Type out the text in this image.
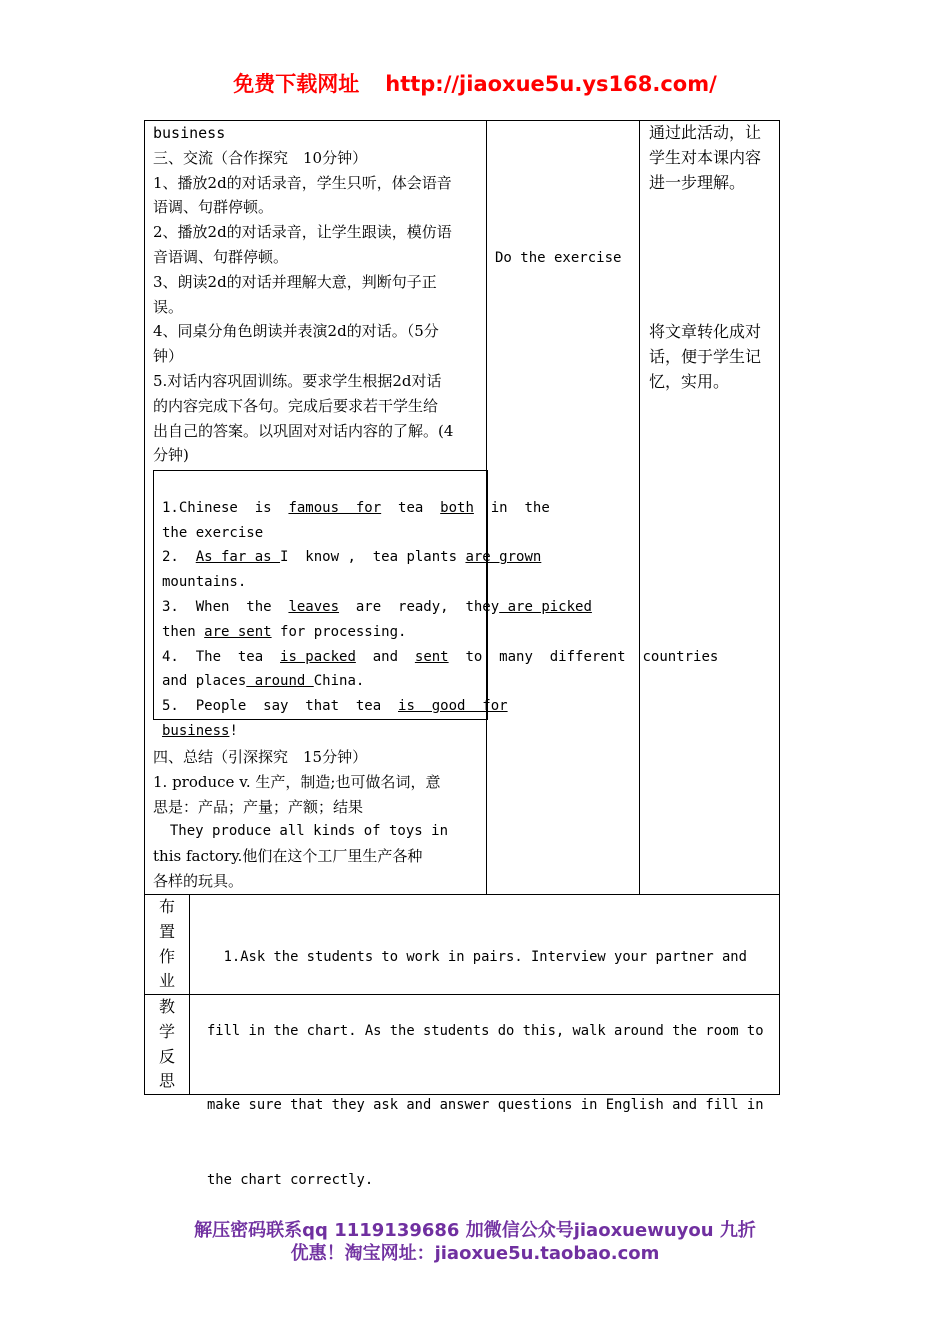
免费下载网址 http://jiaoxue5u.ys168.com/
business
三、交流（合作探究　10分钟）
1、播放2d的对话录音，学生只听，体会语音
语调、句群停顿。
2、播放2d的对话录音，让学生跟读，模仿语
音语调、句群停顿。
3、朗读2d的对话并理解大意，判断句子正
误。
4、同桌分角色朗读并表演2d的对话。（5分
钟）
5.对话内容巩固训练。要求学生根据2d对话
的内容完成下各句。完成后要求若干学生给
出自己的答案。以巩固对对话内容的了解。(4
分钟)

1.Chinese  is  famous  for  tea  both  in  the
the exercise
2.  As far as I  know ,  tea plants are grown
mountains.
3.  When  the  leaves  are  ready,  they are picked
then are sent for processing.
4.  The  tea  is packed  and  sent  to  many  different  countries
and places around China.
5.  People  say  that  tea  is  good  for
business!

四、总结（引深探究　15分钟）
1. produce v. 生产，制造;也可做名词，意
思是：产品；产量；产额；结果
They produce all kinds of toys in
this factory.他们在这个工厂里生产各种
各样的玩具。
Do the exercise
通过此活动，让
学生对本课内容
进一步理解。
将文章转化成对
话，便于学生记
忆，实用。
布
置
作
业

1.Ask the students to work in pairs. Interview your partner and

fill in the chart. As the students do this, walk around the room to

make sure that they ask and answer questions in English and fill in

the chart correctly.

教
学
反
思
解压密码联系qq 1119139686 加微信公众号jiaoxuewuyou 九折
优惠！淘宝网址：jiaoxue5u.taobao.com
